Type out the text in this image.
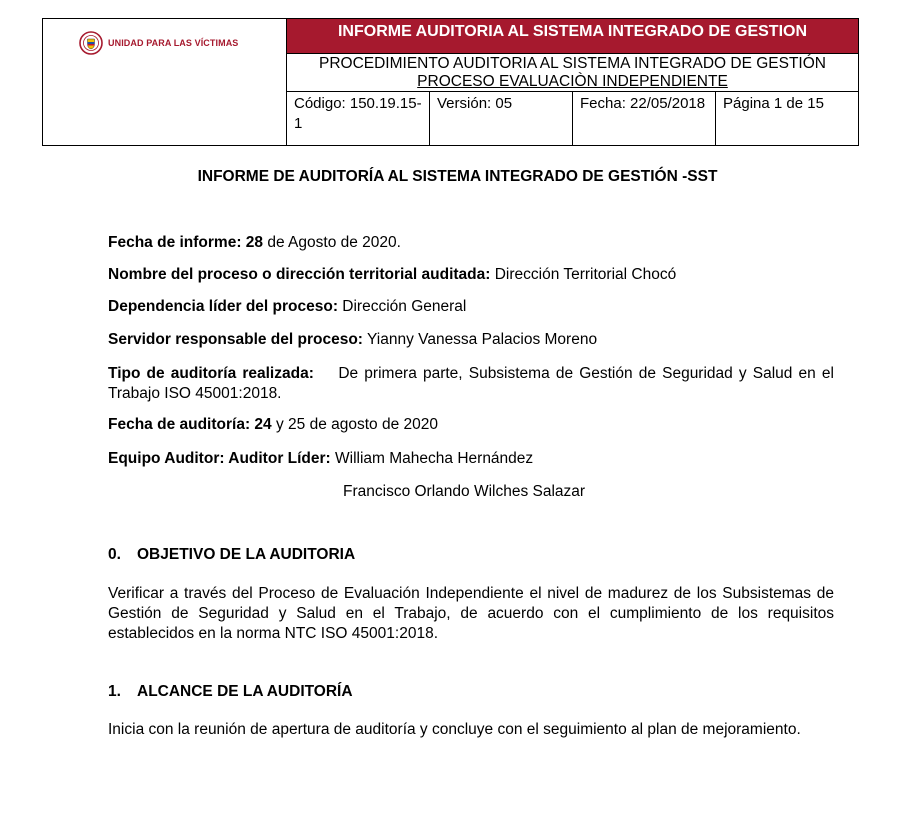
UNIDAD PARA LAS VÍCTIMAS	INFORME AUDITORIA AL SISTEMA INTEGRADO DE GESTION			

	PROCEDIMIENTO AUDITORIA AL SISTEMA INTEGRADO DE GESTIÓN
PROCESO EVALUACIÒN INDEPENDIENTE			

	Código: 150.19.15-1	Versión: 05	Fecha: 22/05/2018	Página 1 de 15
INFORME DE AUDITORÍA AL SISTEMA INTEGRADO DE GESTIÓN -SST
Fecha de informe: 28 de Agosto de 2020.
Nombre del proceso o dirección territorial auditada: Dirección Territorial Chocó
Dependencia líder del proceso: Dirección General
Servidor responsable del proceso: Yianny Vanessa Palacios Moreno
Tipo de auditoría realizada:    De primera parte, Subsistema de Gestión de Seguridad y Salud en el Trabajo ISO 45001:2018.
Fecha de auditoría: 24 y 25 de agosto de 2020
Equipo Auditor: Auditor Líder: William Mahecha Hernández
Francisco Orlando Wilches Salazar
0. OBJETIVO DE LA AUDITORIA
Verificar a través del Proceso de Evaluación Independiente el nivel de madurez de los Subsistemas de Gestión de Seguridad y Salud en el Trabajo, de acuerdo con el cumplimiento de los requisitos establecidos en la norma NTC ISO 45001:2018.
1. ALCANCE DE LA AUDITORÍA
Inicia con la reunión de apertura de auditoría y concluye con el seguimiento al plan de mejoramiento.
